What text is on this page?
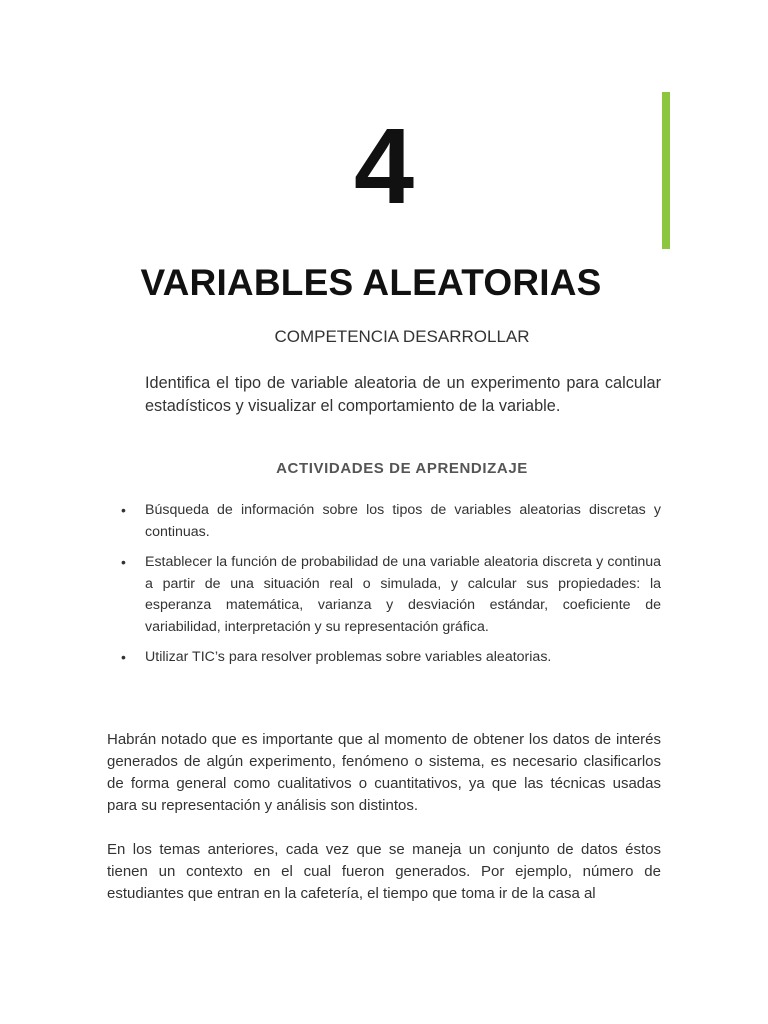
4
VARIABLES ALEATORIAS
COMPETENCIA DESARROLLAR
Identifica el tipo de variable aleatoria de un experimento para calcular estadísticos y visualizar el comportamiento de la variable.
ACTIVIDADES DE APRENDIZAJE
• Búsqueda de información sobre los tipos de variables aleatorias discretas y continuas.
• Establecer la función de probabilidad de una variable aleatoria discreta y continua a partir de una situación real o simulada, y calcular sus propiedades: la esperanza matemática, varianza y desviación estándar, coeficiente de variabilidad, interpretación y su representación gráfica.
• Utilizar TIC’s para resolver problemas sobre variables aleatorias.

Habrán notado que es importante que al momento de obtener los datos de interés generados de algún experimento, fenómeno o sistema, es necesario clasificarlos de forma general como cualitativos o cuantitativos, ya que las técnicas usadas para su representación y análisis son distintos.

En los temas anteriores, cada vez que se maneja un conjunto de datos éstos tienen un contexto en el cual fueron generados. Por ejemplo, número de estudiantes que entran en la cafetería, el tiempo que toma ir de la casa al
